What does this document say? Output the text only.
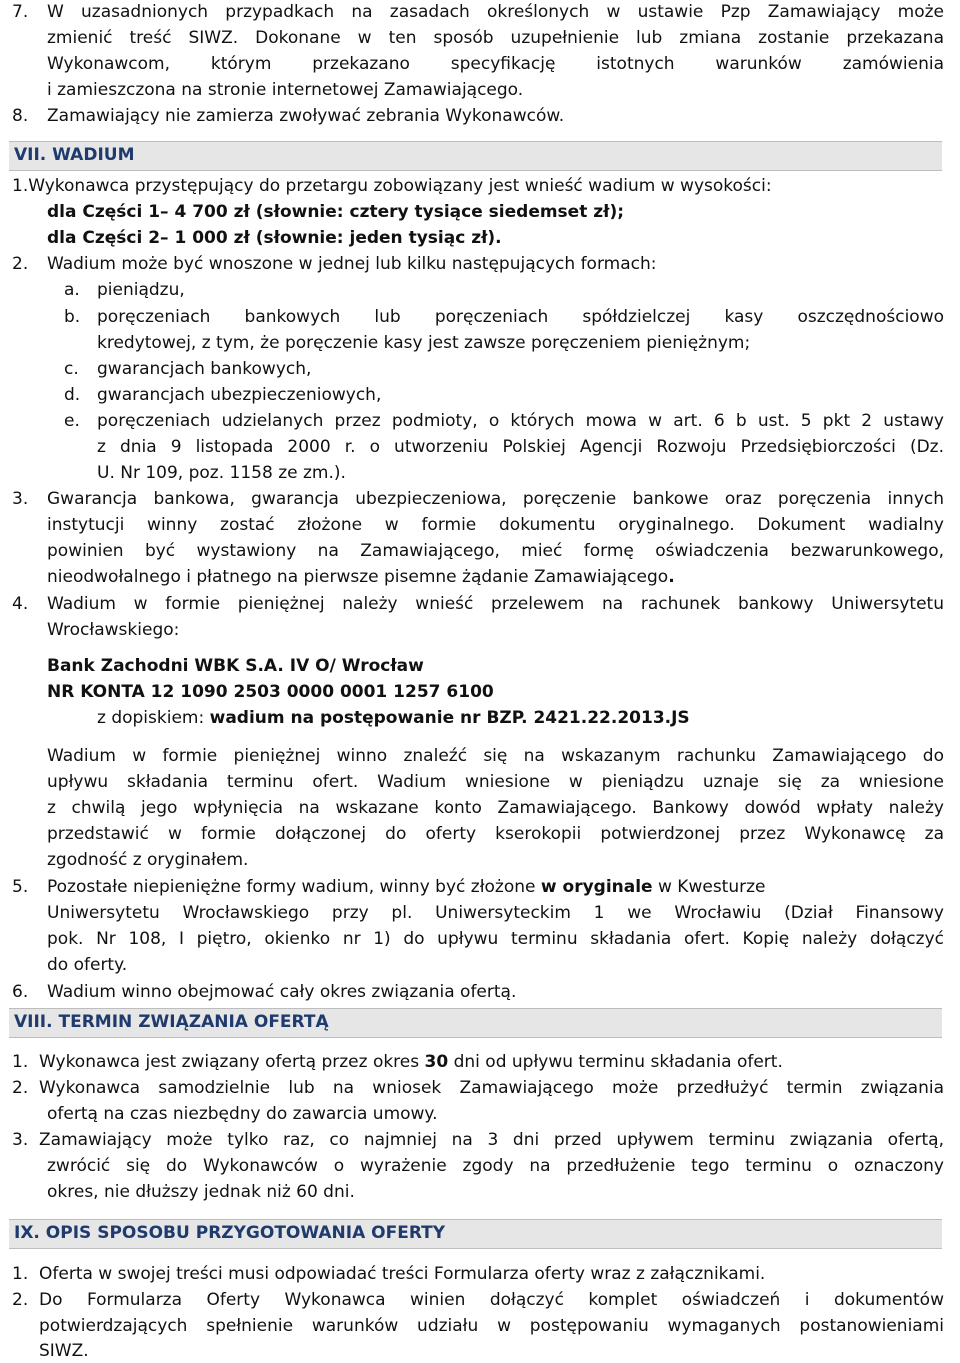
7. W uzasadnionych przypadkach na zasadach określonych w ustawie Pzp Zamawiający może
zmienić treść SIWZ. Dokonane w ten sposób uzupełnienie lub zmiana zostanie przekazana
Wykonawcom, którym przekazano specyfikację istotnych warunków zamówienia
i zamieszczona na stronie internetowej Zamawiającego.
8. Zamawiający nie zamierza zwoływać zebrania Wykonawców.
VII. WADIUM
1.Wykonawca przystępujący do przetargu zobowiązany jest wnieść wadium w wysokości:
dla Części 1– 4 700 zł (słownie: cztery tysiące siedemset zł);
dla Części 2– 1 000 zł (słownie: jeden tysiąc zł).
2. Wadium może być wnoszone w jednej lub kilku następujących formach:
a. pieniądzu,
b. poręczeniach bankowych lub poręczeniach spółdzielczej kasy oszczędnościowo
kredytowej, z tym, że poręczenie kasy jest zawsze poręczeniem pieniężnym;
c. gwarancjach bankowych,
d. gwarancjach ubezpieczeniowych,
e. poręczeniach udzielanych przez podmioty, o których mowa w art. 6 b ust. 5 pkt 2 ustawy
z dnia 9 listopada 2000 r. o utworzeniu Polskiej Agencji Rozwoju Przedsiębiorczości (Dz.
U. Nr 109, poz. 1158 ze zm.).
3. Gwarancja bankowa, gwarancja ubezpieczeniowa, poręczenie bankowe oraz poręczenia innych
instytucji winny zostać złożone w formie dokumentu oryginalnego. Dokument wadialny
powinien być wystawiony na Zamawiającego, mieć formę oświadczenia bezwarunkowego,
nieodwołalnego i płatnego na pierwsze pisemne żądanie Zamawiającego.
4. Wadium w formie pieniężnej należy wnieść przelewem na rachunek bankowy Uniwersytetu
Wrocławskiego:
Bank Zachodni WBK S.A. IV O/ Wrocław
NR KONTA 12 1090 2503 0000 0001 1257 6100
z dopiskiem: wadium na postępowanie nr BZP. 2421.22.2013.JS
Wadium w formie pieniężnej winno znaleźć się na wskazanym rachunku Zamawiającego do
upływu składania terminu ofert. Wadium wniesione w pieniądzu uznaje się za wniesione
z chwilą jego wpłynięcia na wskazane konto Zamawiającego. Bankowy dowód wpłaty należy
przedstawić w formie dołączonej do oferty kserokopii potwierdzonej przez Wykonawcę za
zgodność z oryginałem.
5. Pozostałe niepieniężne formy wadium, winny być złożone w oryginale w Kwesturze
Uniwersytetu Wrocławskiego przy pl. Uniwersyteckim 1 we Wrocławiu (Dział Finansowy
pok. Nr 108, I piętro, okienko nr 1) do upływu terminu składania ofert. Kopię należy dołączyć
do oferty.
6. Wadium winno obejmować cały okres związania ofertą.
VIII. TERMIN ZWIĄZANIA OFERTĄ
1. Wykonawca jest związany ofertą przez okres 30 dni od upływu terminu składania ofert.
2. Wykonawca samodzielnie lub na wniosek Zamawiającego może przedłużyć termin związania
ofertą na czas niezbędny do zawarcia umowy.
3. Zamawiający może tylko raz, co najmniej na 3 dni przed upływem terminu związania ofertą,
zwrócić się do Wykonawców o wyrażenie zgody na przedłużenie tego terminu o oznaczony
okres, nie dłuższy jednak niż 60 dni.
IX. OPIS SPOSOBU PRZYGOTOWANIA OFERTY
1. Oferta w swojej treści musi odpowiadać treści Formularza oferty wraz z załącznikami.
2. Do Formularza Oferty Wykonawca winien dołączyć komplet oświadczeń i dokumentów
potwierdzających spełnienie warunków udziału w postępowaniu wymaganych postanowieniami
SIWZ.
